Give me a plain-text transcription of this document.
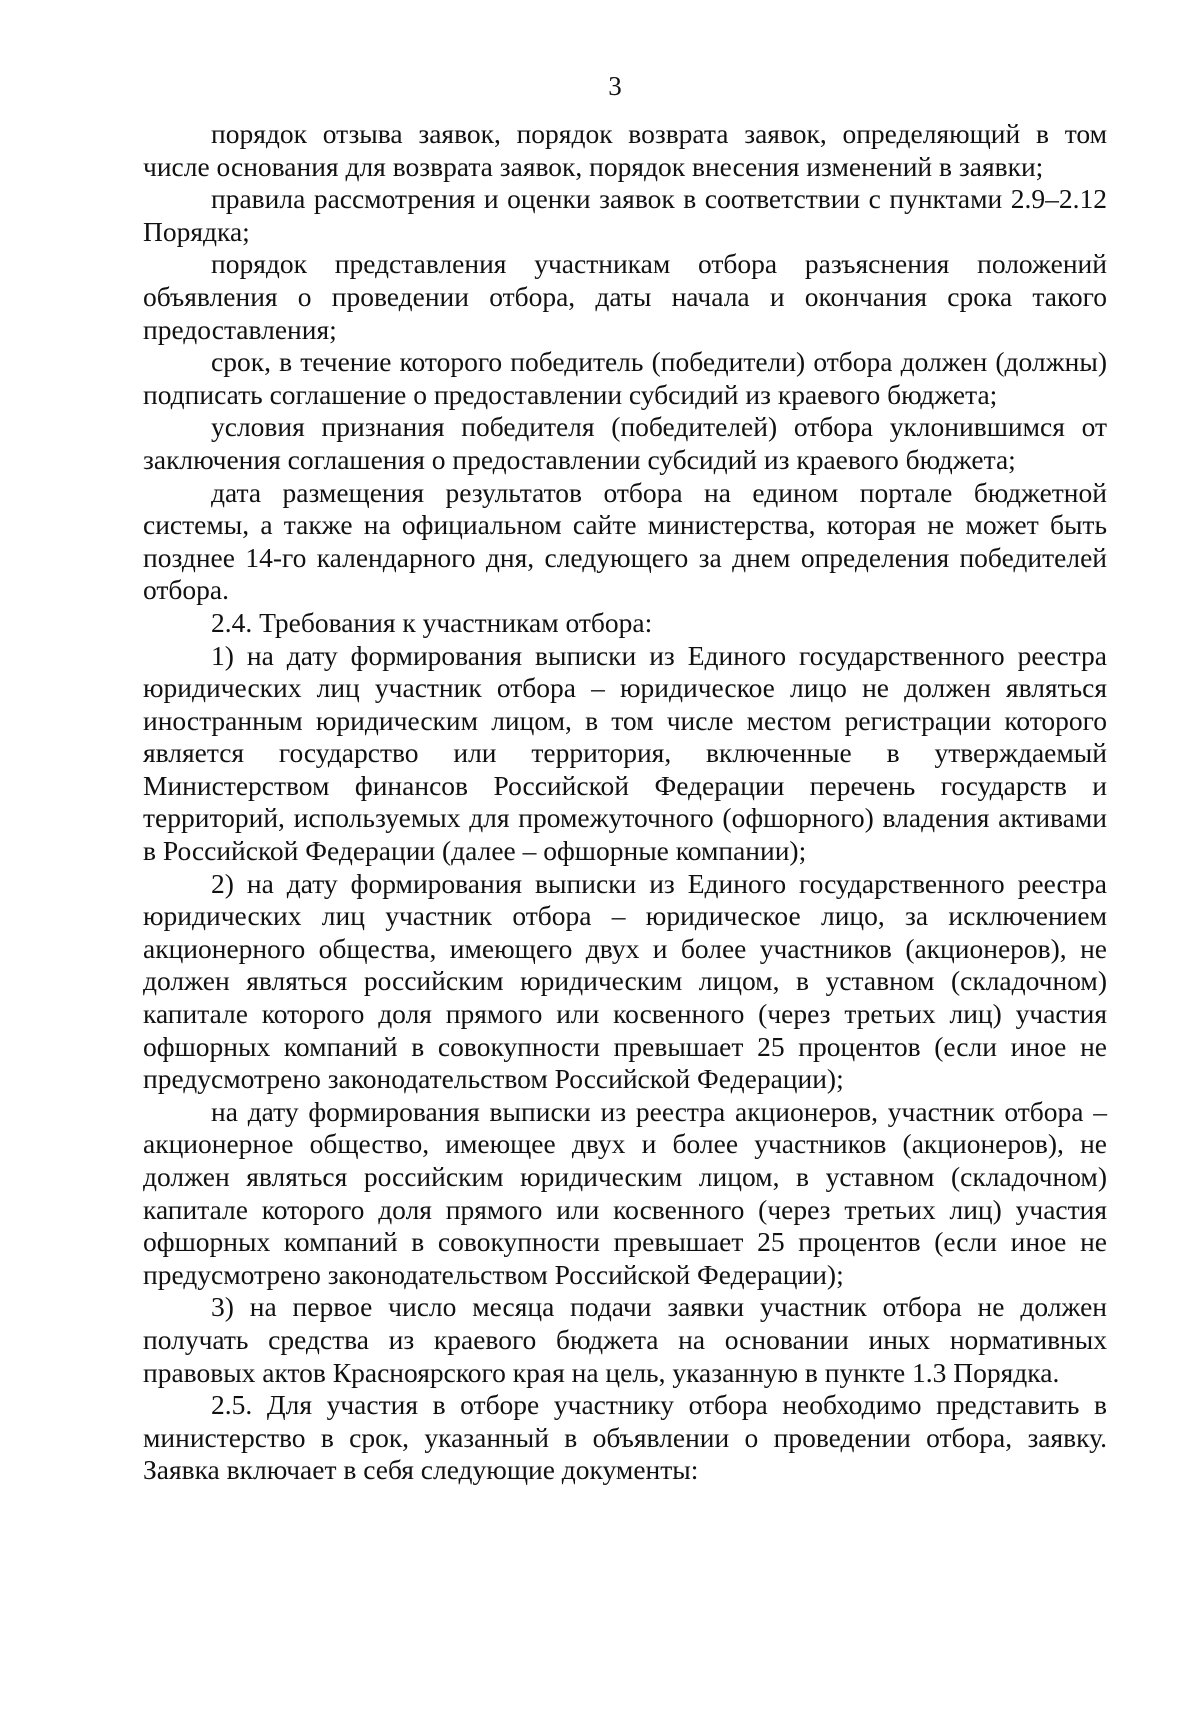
3

порядок отзыва заявок, порядок возврата заявок, определяющий в том числе основания для возврата заявок, порядок внесения изменений в заявки;

правила рассмотрения и оценки заявок в соответствии с пунктами 2.9–2.12 Порядка;

порядок представления участникам отбора разъяснения положений объявления о проведении отбора, даты начала и окончания срока такого предоставления;

срок, в течение которого победитель (победители) отбора должен (должны) подписать соглашение о предоставлении субсидий из краевого бюджета;

условия признания победителя (победителей) отбора уклонившимся от заключения соглашения о предоставлении субсидий из краевого бюджета;

дата размещения результатов отбора на едином портале бюджетной системы, а также на официальном сайте министерства, которая не может быть позднее 14-го календарного дня, следующего за днем определения победителей отбора.

2.4. Требования к участникам отбора:

1) на дату формирования выписки из Единого государственного реестра юридических лиц участник отбора – юридическое лицо не должен являться иностранным юридическим лицом, в том числе местом регистрации которого является государство или территория, включенные в утверждаемый Министерством финансов Российской Федерации перечень государств и территорий, используемых для промежуточного (офшорного) владения активами в Российской Федерации (далее – офшорные компании);

2) на дату формирования выписки из Единого государственного реестра юридических лиц участник отбора – юридическое лицо, за исключением акционерного общества, имеющего двух и более участников (акционеров), не должен являться российским юридическим лицом, в уставном (складочном) капитале которого доля прямого или косвенного (через третьих лиц) участия офшорных компаний в совокупности превышает 25 процентов (если иное не предусмотрено законодательством Российской Федерации);

на дату формирования выписки из реестра акционеров, участник отбора – акционерное общество, имеющее двух и более участников (акционеров), не должен являться российским юридическим лицом, в уставном (складочном) капитале которого доля прямого или косвенного (через третьих лиц) участия офшорных компаний в совокупности превышает 25 процентов (если иное не предусмотрено законодательством Российской Федерации);

3) на первое число месяца подачи заявки участник отбора не должен получать средства из краевого бюджета на основании иных нормативных правовых актов Красноярского края на цель, указанную в пункте 1.3 Порядка.

2.5. Для участия в отборе участнику отбора необходимо представить в министерство в срок, указанный в объявлении о проведении отбора, заявку. Заявка включает в себя следующие документы:
